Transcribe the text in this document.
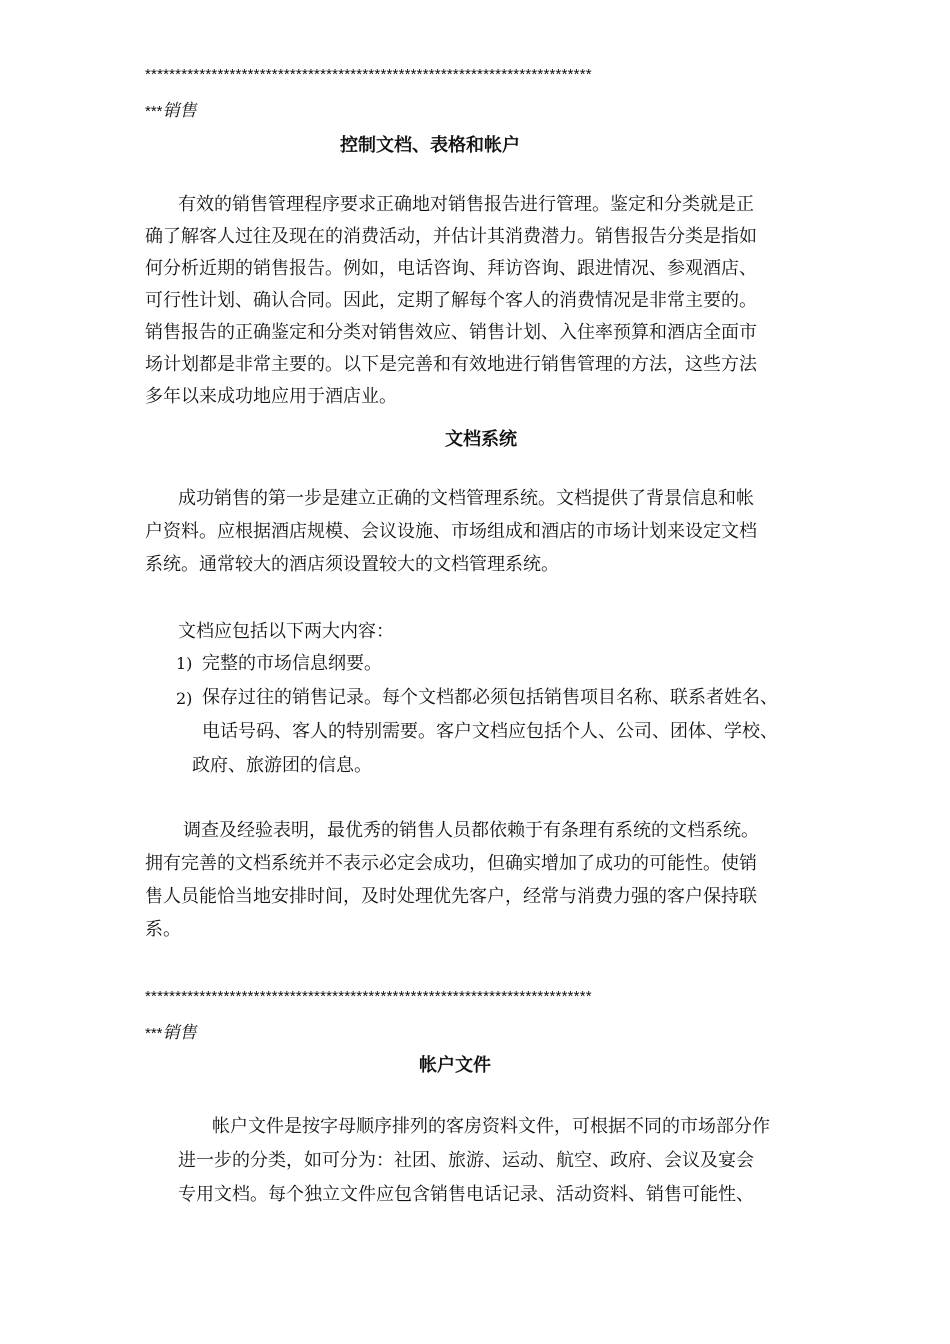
**************************************************************************
***销售
控制文档、表格和帐户
有效的销售管理程序要求正确地对销售报告进行管理。鉴定和分类就是正
确了解客人过往及现在的消费活动，并估计其消费潜力。销售报告分类是指如
何分析近期的销售报告。例如，电话咨询、拜访咨询、跟进情况、参观酒店、
可行性计划、确认合同。因此，定期了解每个客人的消费情况是非常主要的。
销售报告的正确鉴定和分类对销售效应、销售计划、入住率预算和酒店全面市
场计划都是非常主要的。以下是完善和有效地进行销售管理的方法，这些方法
多年以来成功地应用于酒店业。
文档系统
成功销售的第一步是建立正确的文档管理系统。文档提供了背景信息和帐
户资料。应根据酒店规模、会议设施、市场组成和酒店的市场计划来设定文档
系统。通常较大的酒店须设置较大的文档管理系统。
文档应包括以下两大内容：
1) 完整的市场信息纲要。
2) 保存过往的销售记录。每个文档都必须包括销售项目名称、联系者姓名、
电话号码、客人的特别需要。客户文档应包括个人、公司、团体、学校、
政府、旅游团的信息。
调查及经验表明，最优秀的销售人员都依赖于有条理有系统的文档系统。
拥有完善的文档系统并不表示必定会成功，但确实增加了成功的可能性。使销
售人员能恰当地安排时间，及时处理优先客户，经常与消费力强的客户保持联
系。
**************************************************************************
***销售
帐户文件
帐户文件是按字母顺序排列的客房资料文件，可根据不同的市场部分作
进一步的分类，如可分为：社团、旅游、运动、航空、政府、会议及宴会
专用文档。每个独立文件应包含销售电话记录、活动资料、销售可能性、
